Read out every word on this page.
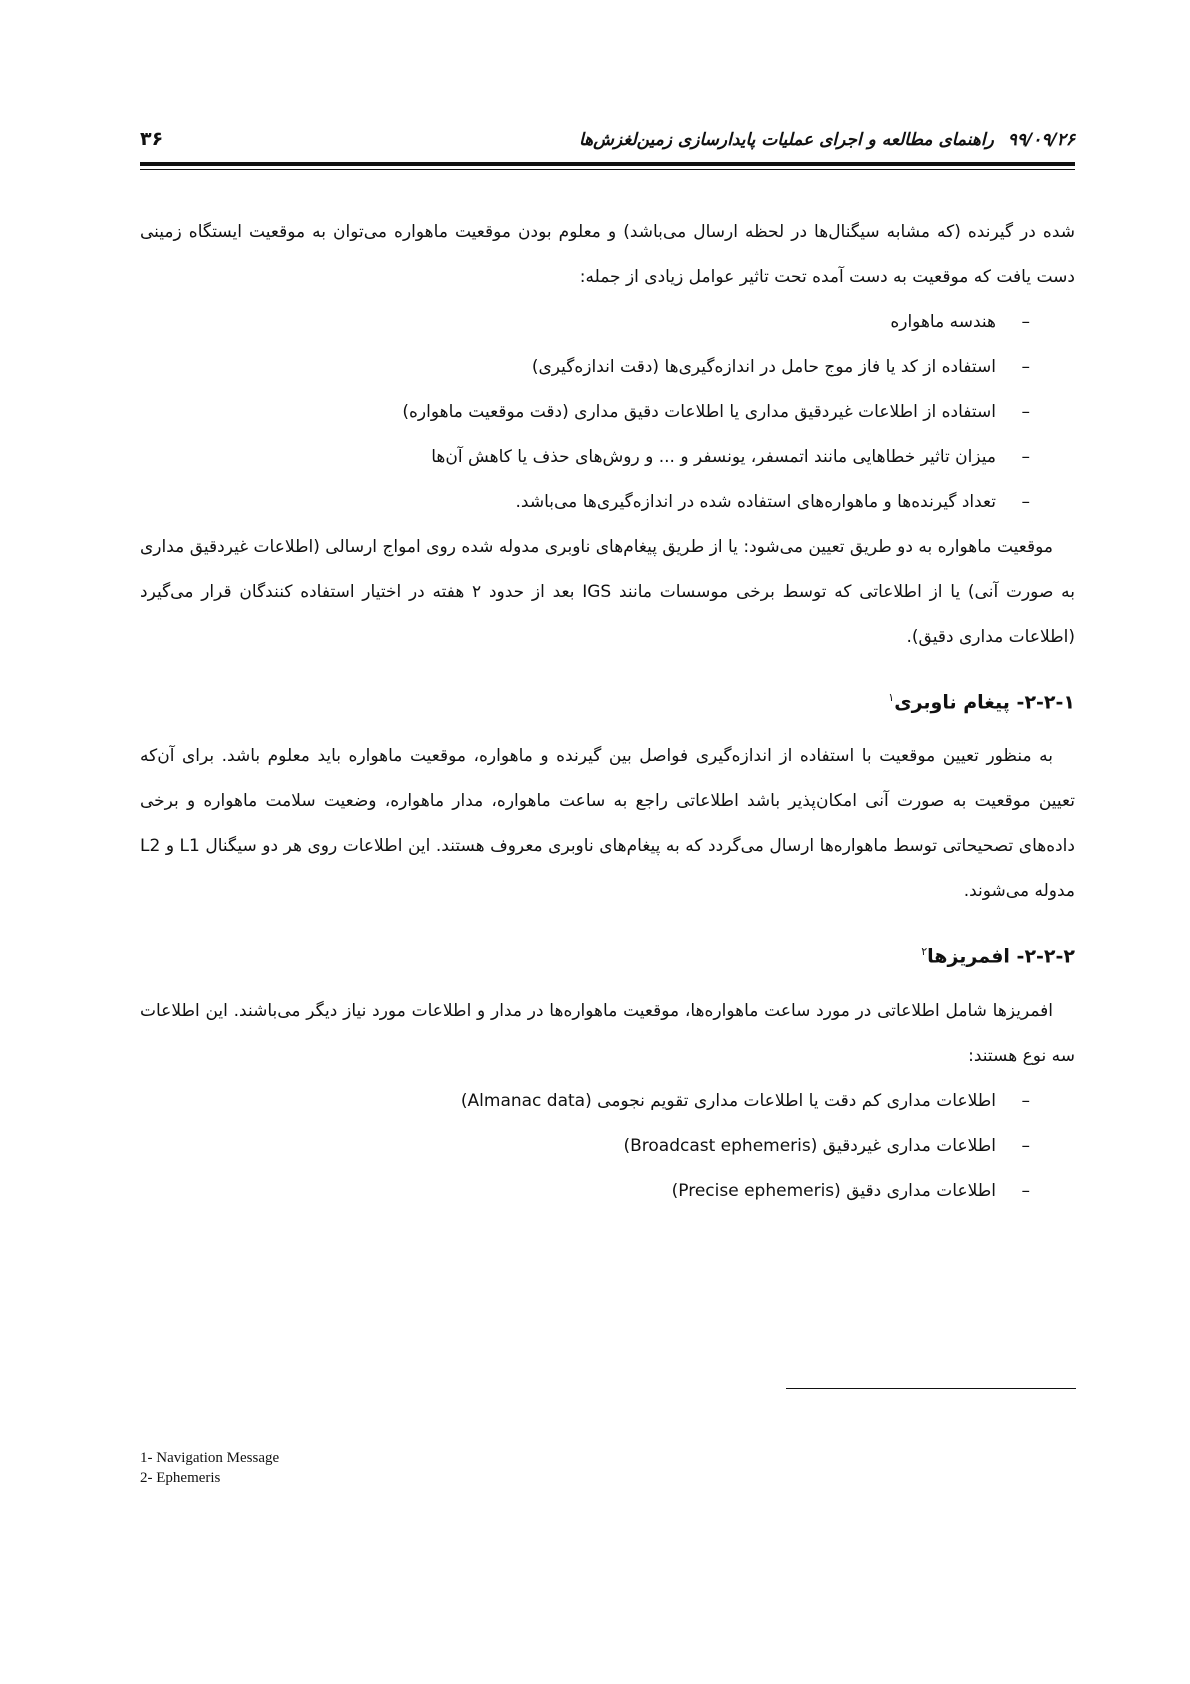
۳۶	۹۹/۰۹/۲۶راهنمای مطالعه و اجرای عملیات پایدارسازی زمین‌لغزش‌ها

شده در گیرنده (که مشابه سیگنال‌ها در لحظه ارسال می‌باشد) و معلوم بودن موقعیت ماهواره می‌توان به موقعیت ایستگاه زمینی دست یافت که موقعیت به دست آمده تحت تاثیر عوامل زیادی از جمله:

–
هندسه ماهواره
–
استفاده از کد یا فاز موج حامل در اندازه‌گیری‌ها (دقت اندازه‌گیری)
–
استفاده از اطلاعات غیردقیق مداری یا اطلاعات دقیق مداری (دقت موقعیت ماهواره)
–
میزان تاثیر خطاهایی مانند اتمسفر، یونسفر و ... و روش‌های حذف یا کاهش آن‌ها
–
تعداد گیرنده‌ها و ماهواره‌های استفاده شده در اندازه‌گیری‌ها می‌باشد.

موقعیت ماهواره به دو طریق تعیین می‌شود: یا از طریق پیغام‌های ناوبری مدوله شده روی امواج ارسالی (اطلاعات غیردقیق مداری به صورت آنی) یا از اطلاعاتی که توسط برخی موسسات مانند IGS بعد از حدود ۲ هفته در اختیار استفاده کنندگان قرار می‌گیرد (اطلاعات مداری دقیق).

۲-۲-۱- پیغام ناوبری$^۱$

به منظور تعیین موقعیت با استفاده از اندازه‌گیری فواصل بین گیرنده و ماهواره، موقعیت ماهواره باید معلوم باشد. برای آن‌که تعیین موقعیت به صورت آنی امکان‌پذیر باشد اطلاعاتی راجع به ساعت ماهواره، مدار ماهواره، وضعیت سلامت ماهواره و برخی داده‌های تصحیحاتی توسط ماهواره‌ها ارسال می‌گردد که به پیغام‌های ناوبری معروف هستند. این اطلاعات روی هر دو سیگنال L1 و L2 مدوله می‌شوند.

۲-۲-۲- افمریزها$^۲$

افمریزها شامل اطلاعاتی در مورد ساعت ماهواره‌ها، موقعیت ماهواره‌ها در مدار و اطلاعات مورد نیاز دیگر می‌باشند. این اطلاعات سه نوع هستند:

–
اطلاعات مداری کم دقت یا اطلاعات مداری تقویم نجومی (Almanac data)
–
اطلاعات مداری غیردقیق (Broadcast ephemeris)
–
اطلاعات مداری دقیق (Precise ephemeris)
1- Navigation Message
2- Ephemeris
